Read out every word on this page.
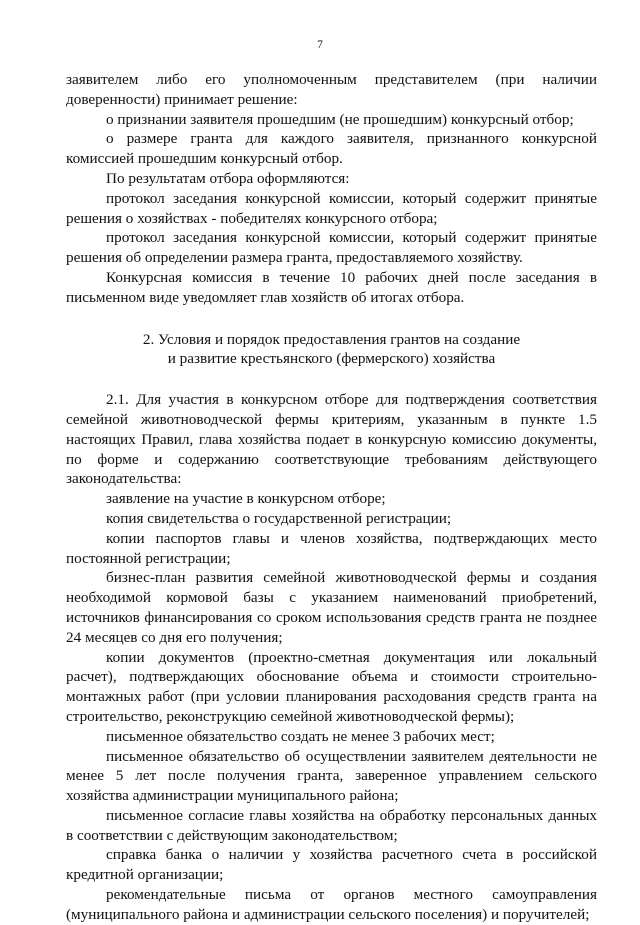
7

заявителем либо его уполномоченным представителем (при наличии доверенности) принимает решение:

о признании заявителя прошедшим (не прошедшим) конкурсный отбор;

о размере гранта для каждого заявителя, признанного конкурсной комиссией прошедшим конкурсный отбор.

По результатам отбора оформляются:

протокол заседания конкурсной комиссии, который содержит принятые решения о хозяйствах - победителях конкурсного отбора;

протокол заседания конкурсной комиссии, который содержит принятые решения об определении размера гранта, предоставляемого хозяйству.

Конкурсная комиссия в течение 10 рабочих дней после заседания в письменном виде уведомляет глав хозяйств об итогах отбора.

2. Условия и порядок предоставления грантов на создание
и развитие крестьянского (фермерского) хозяйства

2.1. Для участия в конкурсном отборе для подтверждения соответствия семейной животноводческой фермы критериям, указанным в пункте 1.5 настоящих Правил, глава хозяйства подает в конкурсную комиссию документы, по форме и содержанию соответствующие требованиям действующего законодательства:

заявление на участие в конкурсном отборе;

копия свидетельства о государственной регистрации;

копии паспортов главы и членов хозяйства, подтверждающих место постоянной регистрации;

бизнес-план развития семейной животноводческой фермы и создания необходимой кормовой базы с указанием наименований приобретений, источников финансирования со сроком использования средств гранта не позднее 24 месяцев со дня его получения;

копии документов (проектно-сметная документация или локальный расчет), подтверждающих обоснование объема и стоимости строительно-монтажных работ (при условии планирования расходования средств гранта на строительство, реконструкцию семейной животноводческой фермы);

письменное обязательство создать не менее 3 рабочих мест;

письменное обязательство об осуществлении заявителем деятельности не менее 5 лет после получения гранта, заверенное управлением сельского хозяйства администрации муниципального района;

письменное согласие главы хозяйства на обработку персональных данных в соответствии с действующим законодательством;

справка банка о наличии у хозяйства расчетного счета в российской кредитной организации;

рекомендательные письма от органов местного самоуправления (муниципального района и администрации сельского поселения) и поручителей;
